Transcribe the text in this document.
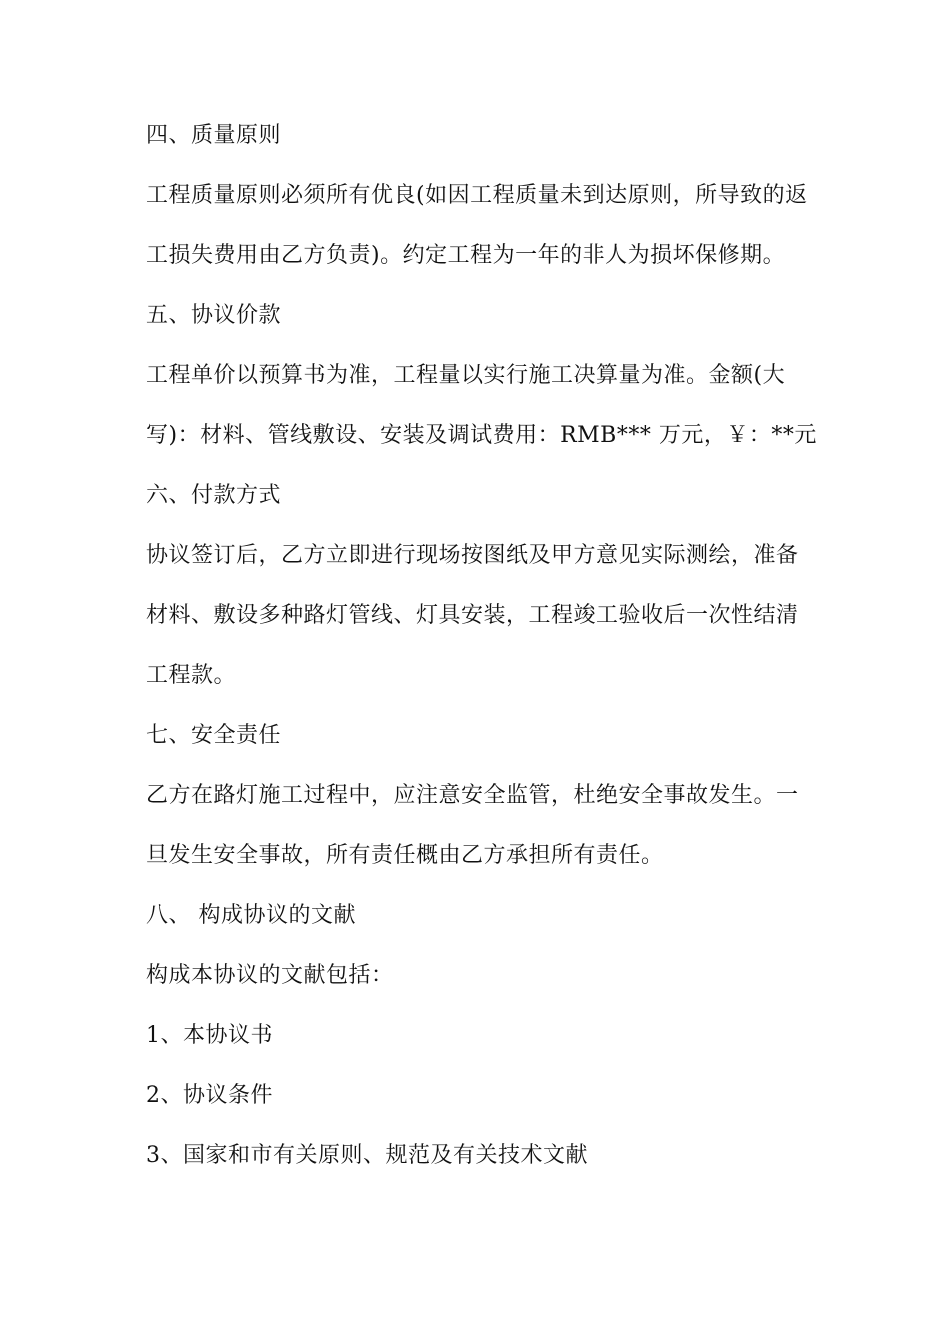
四、质量原则
工程质量原则必须所有优良(如因工程质量未到达原则，所导致的返
工损失费用由乙方负责)。约定工程为一年的非人为损坏保修期。
五、协议价款
工程单价以预算书为准，工程量以实行施工决算量为准。金额(大
写)：材料、管线敷设、安装及调试费用：RMB*** 万元，￥：**元
六、付款方式
协议签订后，乙方立即进行现场按图纸及甲方意见实际测绘，准备
材料、敷设多种路灯管线、灯具安装，工程竣工验收后一次性结清
工程款。
七、安全责任
乙方在路灯施工过程中，应注意安全监管，杜绝安全事故发生。一
旦发生安全事故，所有责任概由乙方承担所有责任。
八、 构成协议的文献
构成本协议的文献包括：
1、本协议书
2、协议条件
3、国家和市有关原则、规范及有关技术文献
